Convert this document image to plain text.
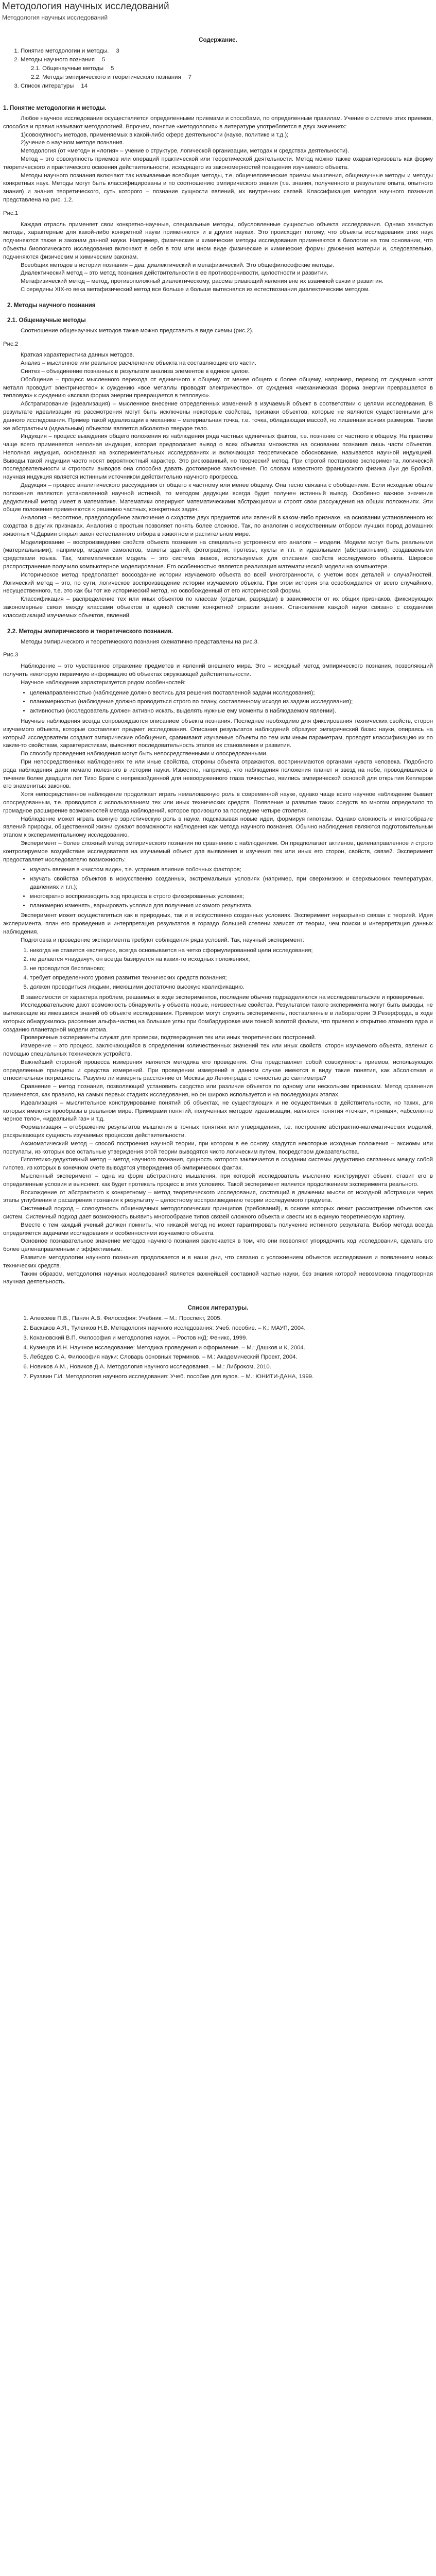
Методология научных исследований
Методология научных исследований
Содержание.
1. Понятие методологии и методы. 3
2. Методы научного познания 5
2.1. Общенаучные методы 5
2.2. Методы эмпирического и теоретического познания 7
3. Список литературы 14
1. Понятие методологии и методы.

Любое научное исследование осуществляется определенными приемами и способами, по определенным правилам. Учение о системе этих приемов, способов и правил называют методологией. Впрочем, понятие «методология» в литературе употребляется в двух значениях:

1)совокупность методов, применяемых в какой-либо сфере деятельности (науке, политике и т.д.);

2)учение о научном методе познания.

Методология (от «метод» и «логия» – учение о структуре, логической организации, методах и средствах деятельности).

Метод – это совокупность приемов или операций практической или теоретической деятельности. Метод можно также охарактеризовать как форму теоретического и практического освоения действительности, исходящего из закономерностей поведения изучаемого объекта.

Методы научного познания включают так называемые всеобщие методы, т.е. общечеловеческие приемы мышления, общенаучные методы и методы конкретных наук. Методы могут быть классифицированы и по соотношению эмпирического знания (т.е. знания, полученного в результате опыта, опытного знания) и знания теоретического, суть которого – познание сущности явлений, их внутренних связей. Классификация методов научного познания представлена на рис. 1.2.

Рис.1

Каждая отрасль применяет свои конкретно-научные, специальные методы, обусловленные сущностью объекта исследования. Однако зачастую методы, характерные для какой-либо конкретной науки применяются и в других науках. Это происходит потому, что объекты исследования этих наук подчиняются также и законам данной науки. Например, физические и химические методы исследования применяются в биологии на том основании, что объекты биологического исследования включают в себя в том или ином виде физические и химические формы движения материи и, следовательно, подчиняются физическим и химическим законам.

Всеобщих методов в истории познания – два: диалектический и метафизический. Это общефилософские методы.

Диалектический метод – это метод познания действительности в ее противоречивости, целостности и развитии.

Метафизический метод – метод, противоположный диалектическому, рассматривающий явления вне их взаимной связи и развития.

С середины XIX-го века метафизический метод все больше и больше вытеснялся из естествознания диалектическим методом.

2. Методы научного познания
2.1. Общенаучные методы

Соотношение общенаучных методов также можно представить в виде схемы (рис.2).

Рис.2

Краткая характеристика данных методов.

Анализ – мысленное или реальное расчленение объекта на составляющие его части.

Синтез – объединение познанных в результате анализа элементов в единое целое.

Обобщение – процесс мысленного перехода от единичного к общему, от менее общего к более общему, например, переход от суждения «этот металл проводит электричество» к суждению «все металлы проводят электричество», от суждения «механическая форма энергии превращается в тепловую» к суждению «всякая форма энергии превращается в тепловую».

Абстрагирование (идеализация) – мысленное внесение определенных изменений в изучаемый объект в соответствии с целями исследования. В результате идеализации из рассмотрения могут быть исключены некоторые свойства, признаки объектов, которые не являются существенными для данного исследования. Пример такой идеализации в механике – материальная точка, т.е. точка, обладающая массой, но лишенная всяких размеров. Таким же абстрактным (идеальным) объектом является абсолютно твердое тело.

Индукция – процесс выведения общего положения из наблюдения ряда частных единичных фактов, т.е. познание от частного к общему. На практике чаще всего применяется неполная индукция, которая предполагает вывод о всех объектах множества на основании познания лишь части объектов. Неполная индукция, основанная на экспериментальных исследованиях и включающая теоретическое обоснование, называется научной индукцией. Выводы такой индукции часто носят вероятностный характер. Это рискованный, но творческий метод. При строгой постановке эксперимента, логической последовательности и строгости выводов она способна давать достоверное заключение. По словам известного французского физика Луи де Бройля, научная индукция является истинным источником действительно научного прогресса.

Дедукция – процесс аналитического рассуждения от общего к частному или менее общему. Она тесно связана с обобщением. Если исходные общие положения являются установленной научной истиной, то методом дедукции всегда будет получен истинный вывод. Особенно важное значение дедуктивный метод имеет в математике. Математики оперируют математическими абстракциями и строят свои рассуждения на общих положениях. Эти общие положения применяются к решению частных, конкретных задач.

Аналогия – вероятное, правдоподобное заключение о сходстве двух предметов или явлений в каком-либо признаке, на основании установленного их сходства в других признаках. Аналогия с простым позволяет понять более сложное. Так, по аналогии с искусственным отбором лучших пород домашних животных Ч.Дарвин открыл закон естественного отбора в животном и растительном мире.

Моделирование – воспроизведение свойств объекта познания на специально устроенном его аналоге – модели. Модели могут быть реальными (материальными), например, модели самолетов, макеты зданий, фотографии, протезы, куклы и т.п. и идеальными (абстрактными), создаваемыми средствами языка. Так, математическая модель – это система знаков, используемых для описания свойств исследуемого объекта. Широкое распространение получило компьютерное моделирование. Его особенностью является реализация математической модели на компьютере.

Историческое метод предполагает воссоздание истории изучаемого объекта во всей многогранности, с учетом всех деталей и случайностей. Логический метод – это, по сути, логическое воспроизведение истории изучаемого объекта. При этом история эта освобождается от всего случайного, несущественного, т.е. это как бы тот же исторический метод, но освобожденный от его исторической формы.

Классификация – распределение тех или иных объектов по классам (отделам, разрядам) в зависимости от их общих признаков, фиксирующих закономерные связи между классами объектов в единой системе конкретной отрасли знания. Становление каждой науки связано с созданием классификаций изучаемых объектов, явлений.

2.2. Методы эмпирического и теоретического познания.

Методы эмпирического и теоретического познания схематично представлены на рис.3.

Рис.3

Наблюдение – это чувственное отражение предметов и явлений внешнего мира. Это – исходный метод эмпирического познания, позволяющий получить некоторую первичную информацию об объектах окружающей действительности.

Научное наблюдение характеризуется рядом особенностей:

• целенаправленностью (наблюдение должно вестись для решения поставленной задачи исследования);
• планомерностью (наблюдение должно проводиться строго по плану, составленному исходя из задачи исследования);
• активностью (исследователь должен активно искать, выделять нужные ему моменты в наблюдаемом явлении).

Научные наблюдения всегда сопровождаются описанием объекта познания. Последнее необходимо для фиксирования технических свойств, сторон изучаемого объекта, которые составляют предмет исследования. Описания результатов наблюдений образуют эмпирический базис науки, опираясь на который исследователи создают эмпирические обобщения, сравнивают изучаемые объекты по тем или иным параметрам, проводят классификацию их по каким-то свойствам, характеристикам, выясняют последовательность этапов их становления и развития.

По способу проведения наблюдения могут быть непосредственными и опосредованными.

При непосредственных наблюдениях те или иные свойства, стороны объекта отражаются, воспринимаются органами чувств человека. Подобного рода наблюдения дали немало полезного в истории науки. Известно, например, что наблюдения положения планет и звезд на небе, проводившиеся в течение более двадцати лет Тихо Браге с непревзойденной для невооруженного глаза точностью, явились эмпирической основой для открытия Кеплером его знаменитых законов.

Хотя непосредственное наблюдение продолжает играть немаловажную роль в современной науке, однако чаще всего научное наблюдение бывает опосредованным, т.е. проводится с использованием тех или иных технических средств. Появление и развитие таких средств во многом определило то громадное расширение возможностей метода наблюдений, которое произошло за последние четыре столетия.

Наблюдение может играть важную эвристическую роль в науке, подсказывая новые идеи, формируя гипотезы. Однако сложность и многообразие явлений природы, общественной жизни сужают возможности наблюдения как метода научного познания. Обычно наблюдения являются подготовительным этапом к экспериментальному исследованию.

Эксперимент – более сложный метод эмпирического познания по сравнению с наблюдением. Он предполагает активное, целенаправленное и строго контролируемое воздействие исследователя на изучаемый объект для выявления и изучения тех или иных его сторон, свойств, связей. Эксперимент предоставляет исследователю возможность:

• изучать явления в «чистом виде», т.е. устранив влияние побочных факторов;
• изучать свойства объектов в искусственно созданных, экстремальных условиях (например, при сверхнизких и сверхвысоких температурах, давлениях и т.п.);
• многократно воспроизводить ход процесса в строго фиксированных условиях;
• планомерно изменять, варьировать условия для получения искомого результата.

Эксперимент может осуществляться как в природных, так и в искусственно созданных условиях. Эксперимент неразрывно связан с теорией. Идея эксперимента, план его проведения и интерпретация результатов в гораздо большей степени зависят от теории, чем поиски и интерпретация данных наблюдения.

Подготовка и проведение эксперимента требуют соблюдения ряда условий. Так, научный эксперимент:

1. никогда не ставится «вслепую», всегда основывается на четко сформулированной цели исследования;
2. не делается «наудачу», он всегда базируется на каких-то исходных положениях;
3. не проводится беспланово;
4. требует определенного уровня развития технических средств познания;
5. должен проводиться людьми, имеющими достаточно высокую квалификацию.

В зависимости от характера проблем, решаемых в ходе экспериментов, последние обычно подразделяются на исследовательские и проверочные.

Исследовательские дают возможность обнаружить у объекта новые, неизвестные свойства. Результатом такого эксперимента могут быть выводы, не вытекающие из имевшихся знаний об объекте исследования. Примером могут служить эксперименты, поставленные в лаборатории Э.Резерфорда, в ходе которых обнаружилось рассеяние альфа-частиц на большие углы при бомбардировке ими тонкой золотой фольги, что привело к открытию атомного ядра и созданию планетарной модели атома.

Проверочные эксперименты служат для проверки, подтверждения тех или иных теоретических построений.

Измерение – это процесс, заключающийся в определении количественных значений тех или иных свойств, сторон изучаемого объекта, явления с помощью специальных технических устройств.

Важнейший стороной процесса измерения является методика его проведения. Она представляет собой совокупность приемов, использующих определенные принципы и средства измерений. При проведении измерений в данном случае имеются в виду такие понятия, как абсолютная и относительная погрешность. Разумно ли измерять расстояние от Москвы до Ленинграда с точностью до сантиметра?

Сравнение – метод познания, позволяющий установить сходство или различие объектов по одному или нескольким признакам. Метод сравнения применяется, как правило, на самых первых стадиях исследования, но он широко используется и на последующих этапах.

Идеализация – мыслительное конструирование понятий об объектах, не существующих и не осуществимых в действительности, но таких, для которых имеются прообразы в реальном мире. Примерами понятий, полученных методом идеализации, являются понятия «точка», «прямая», «абсолютно черное тело», «идеальный газ» и т.д.

Формализация – отображение результатов мышления в точных понятиях или утверждениях, т.е. построение абстрактно-математических моделей, раскрывающих сущность изучаемых процессов действительности.

Аксиоматический метод – способ построения научной теории, при котором в ее основу кладутся некоторые исходные положения – аксиомы или постулаты, из которых все остальные утверждения этой теории выводятся чисто логическим путем, посредством доказательства.

Гипотетико-дедуктивный метод – метод научного познания, сущность которого заключается в создании системы дедуктивно связанных между собой гипотез, из которых в конечном счете выводятся утверждения об эмпирических фактах.

Мысленный эксперимент – одна из форм абстрактного мышления, при которой исследователь мысленно конструирует объект, ставит его в определенные условия и выясняет, как будет протекать процесс в этих условиях. Такой эксперимент является продолжением эксперимента реального.

Восхождение от абстрактного к конкретному – метод теоретического исследования, состоящий в движении мысли от исходной абстракции через этапы углубления и расширения познания к результату – целостному воспроизведению теории исследуемого предмета.

Системный подход – совокупность общенаучных методологических принципов (требований), в основе которых лежит рассмотрение объектов как систем. Системный подход дает возможность выявить многообразие типов связей сложного объекта и свести их в единую теоретическую картину.

Вместе с тем каждый ученый должен помнить, что никакой метод не может гарантировать получение истинного результата. Выбор метода всегда определяется задачами исследования и особенностями изучаемого объекта.

Основное познавательное значение методов научного познания заключается в том, что они позволяют упорядочить ход исследования, сделать его более целенаправленным и эффективным.

Развитие методологии научного познания продолжается и в наши дни, что связано с усложнением объектов исследования и появлением новых технических средств.

Таким образом, методология научных исследований является важнейшей составной частью науки, без знания которой невозможна плодотворная научная деятельность.

Список литературы.
1. Алексеев П.В., Панин А.В. Философия: Учебник. – М.: Проспект, 2005.
2. Баскаков А.Я., Туленков Н.В. Методология научного исследования: Учеб. пособие. – К.: МАУП, 2004.
3. Кохановский В.П. Философия и методология науки. – Ростов н/Д: Феникс, 1999.
4. Кузнецов И.Н. Научное исследование: Методика проведения и оформление. – М.: Дашков и К, 2004.
5. Лебедев С.А. Философия науки: Словарь основных терминов. – М.: Академический Проект, 2004.
6. Новиков А.М., Новиков Д.А. Методология научного исследования. – М.: Либроком, 2010.
7. Рузавин Г.И. Методология научного исследования: Учеб. пособие для вузов. – М.: ЮНИТИ-ДАНА, 1999.
